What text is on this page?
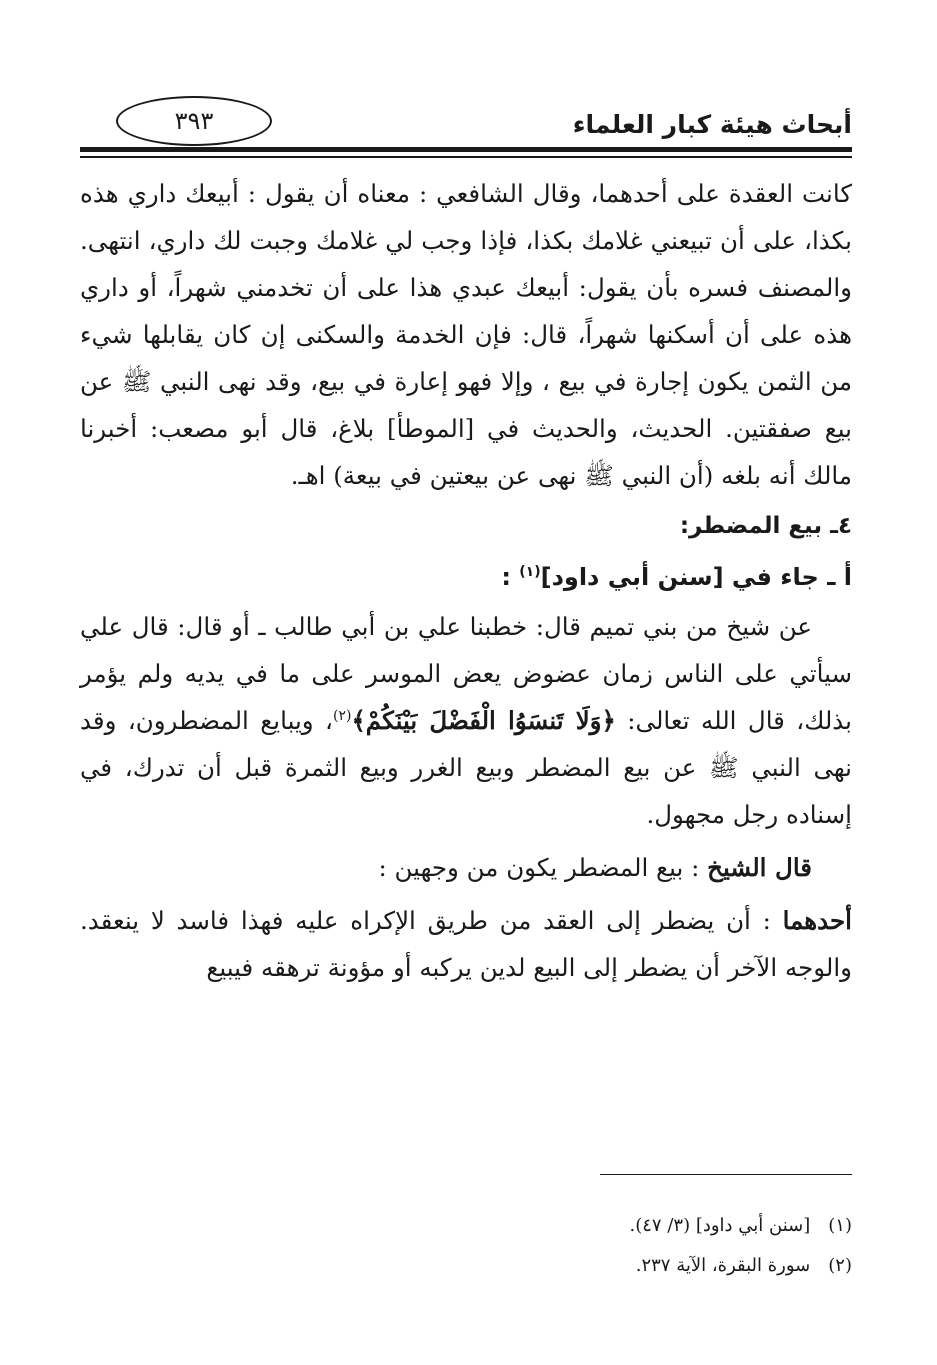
أبحاث هيئة كبار العلماء
٣٩٣

كانت العقدة على أحدهما، وقال الشافعي : معناه أن يقول : أبيعك داري هذه بكذا، على أن تبيعني غلامك بكذا، فإذا وجب لي غلامك وجبت لك داري، انتهى. والمصنف فسره بأن يقول: أبيعك عبدي هذا على أن تخدمني شهراً، أو داري هذه على أن أسكنها شهراً، قال: فإن الخدمة والسكنى إن كان يقابلها شيء من الثمن يكون إجارة في بيع ، وإلا فهو إعارة في بيع، وقد نهى النبي ﷺ عن بيع صفقتين. الحديث، والحديث في [الموطأ] بلاغ، قال أبو مصعب: أخبرنا مالك أنه بلغه (أن النبي ﷺ نهى عن بيعتين في بيعة) اهـ.

٤ـ بيع المضطر:

أ ـ جاء في [سنن أبي داود]$^{(١)}$ :

عن شيخ من بني تميم قال: خطبنا علي بن أبي طالب ـ أو قال: قال علي سيأتي على الناس زمان عضوض يعض الموسر على ما في يديه ولم يؤمر بذلك، قال الله تعالى: ﴿وَلَا تَنسَوُا الْفَضْلَ بَيْنَكُمْ﴾$^{(٢)}$، ويبايع المضطرون، وقد نهى النبي ﷺ عن بيع المضطر وبيع الغرر وبيع الثمرة قبل أن تدرك، في إسناده رجل مجهول.

قال الشيخ : بيع المضطر يكون من وجهين :

أحدهما : أن يضطر إلى العقد من طريق الإكراه عليه فهذا فاسد لا ينعقد. والوجه الآخر أن يضطر إلى البيع لدين يركبه أو مؤونة ترهقه فيبيع

(١) [سنن أبي داود] (٣/ ٤٧).

(٢) سورة البقرة، الآية ٢٣٧.
